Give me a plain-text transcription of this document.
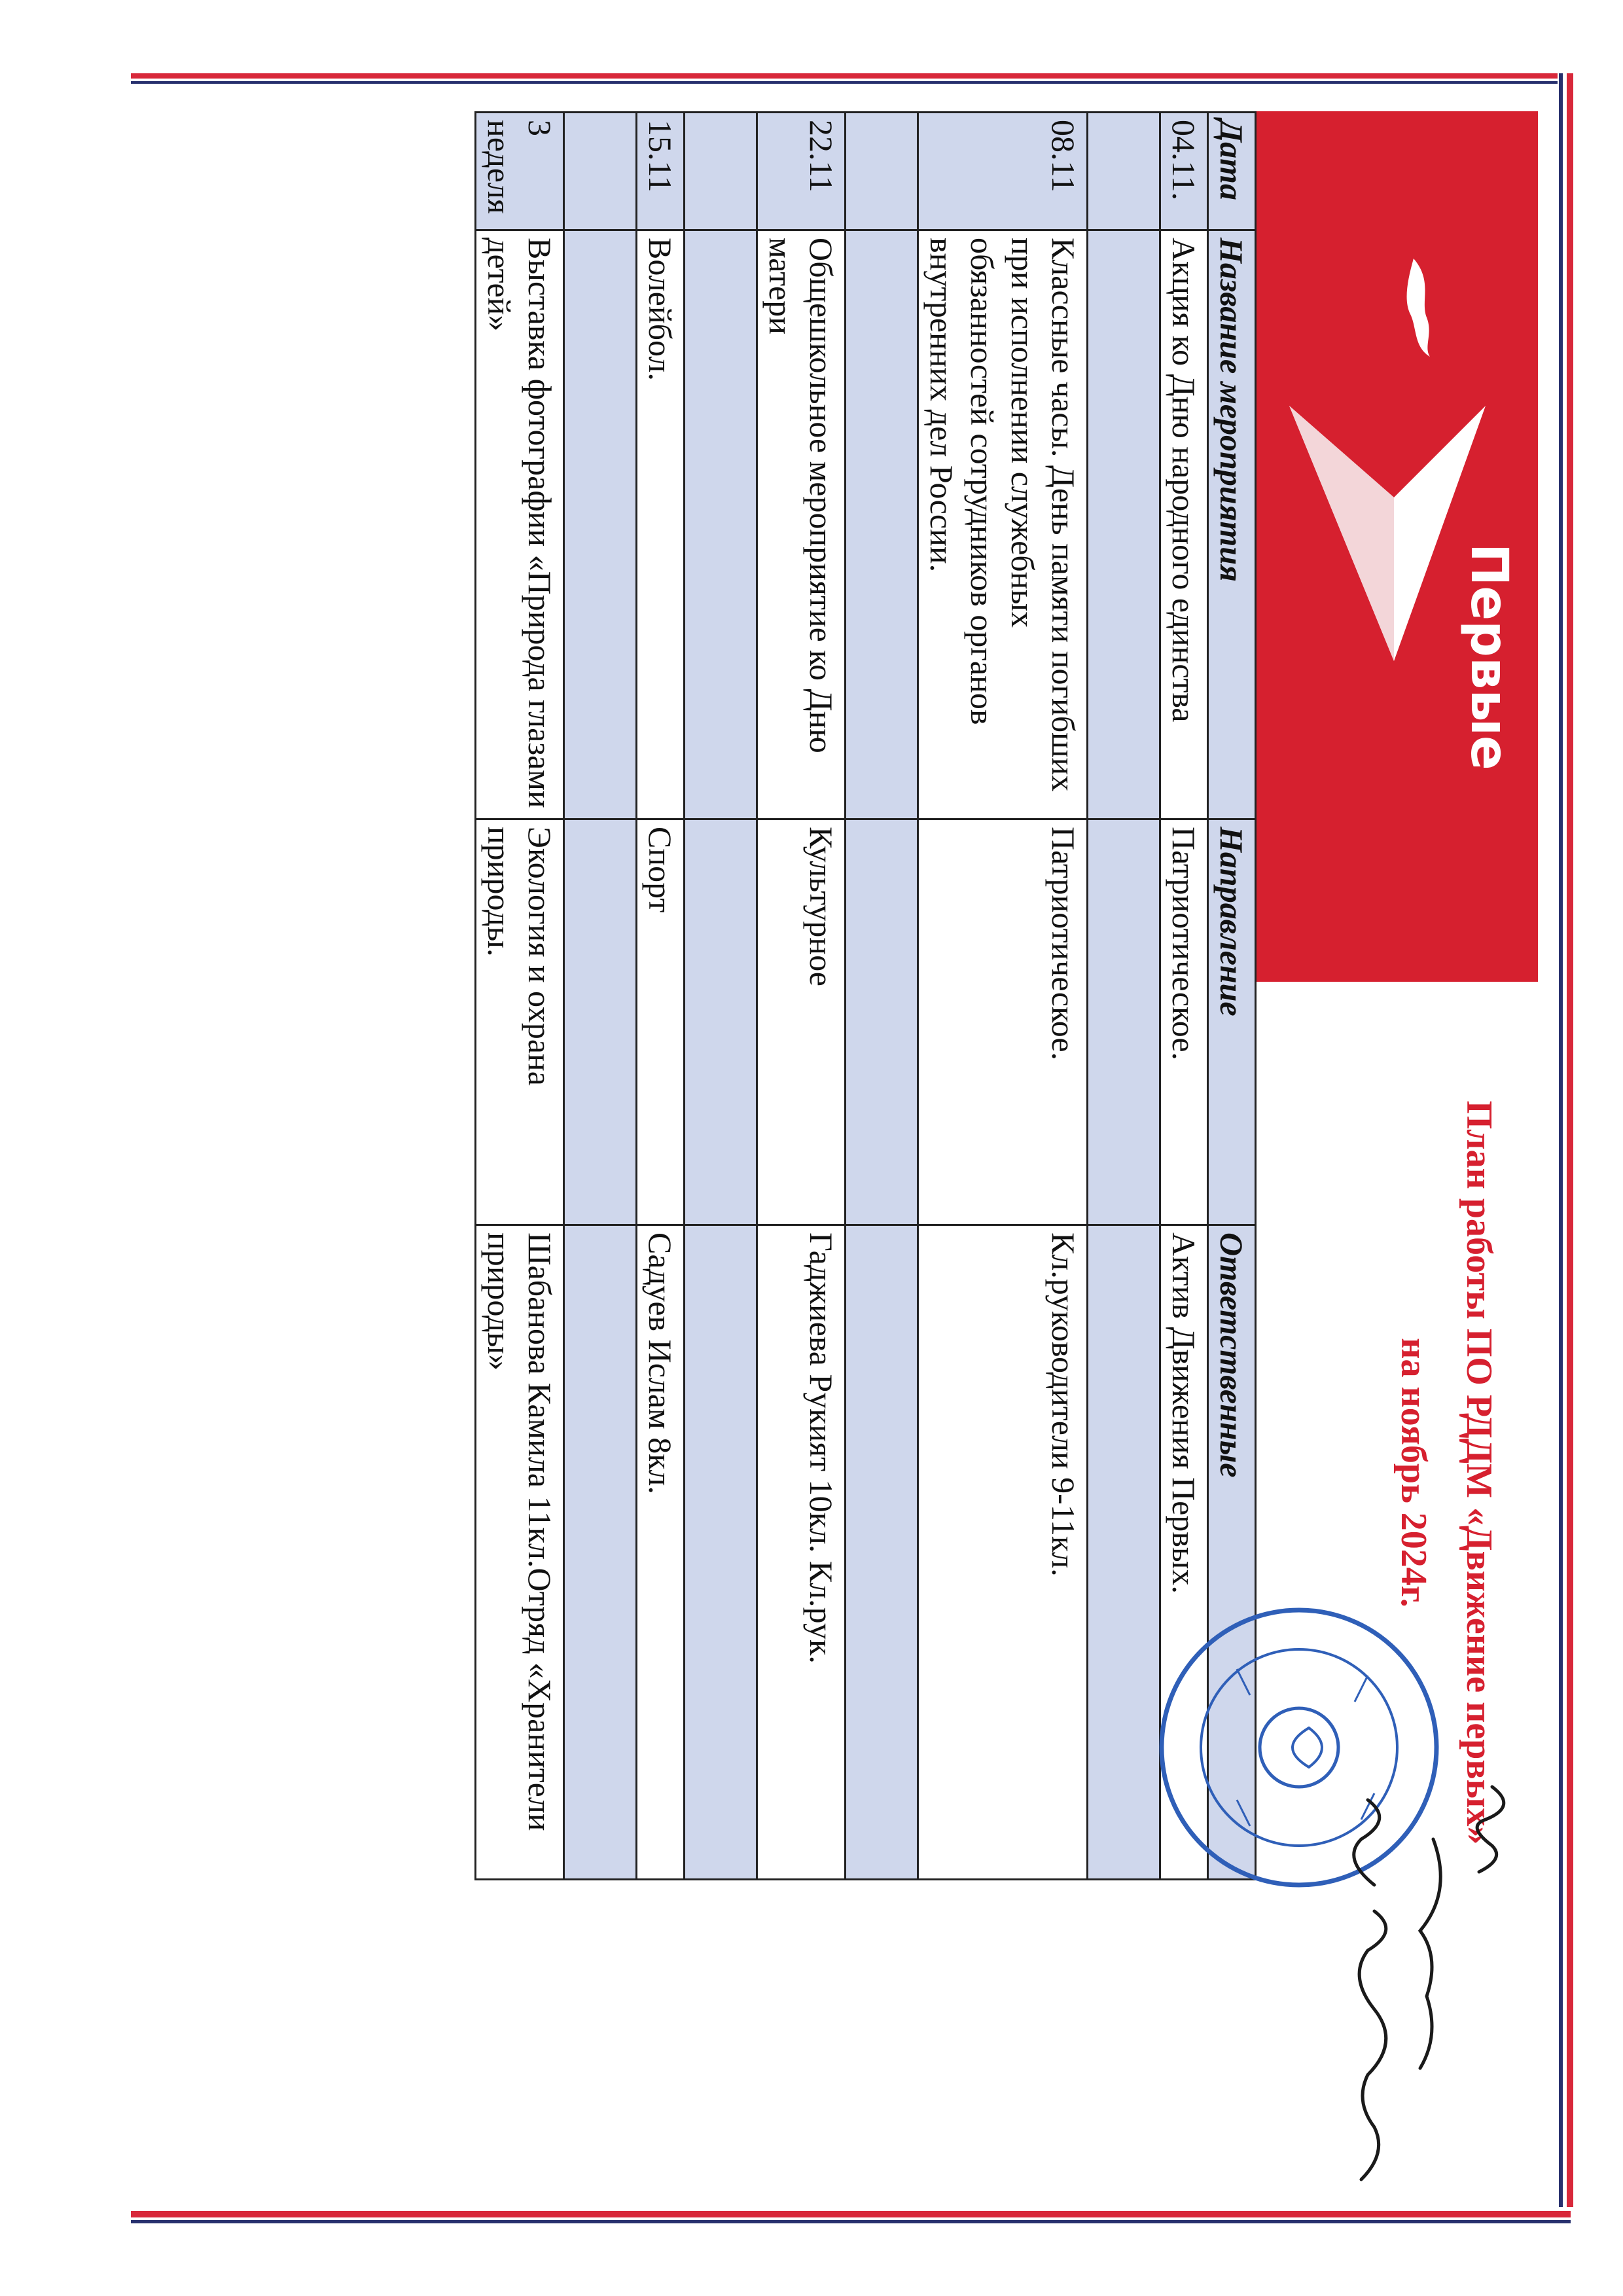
Первые
План работы ПО РДДМ «Движение первых»
на ноябрь 2024г.
Дата	Название мероприятия	Направление	Ответственные
04.11.	Акция ко Дню народного единства	Патриотическое.	Актив Движения Первых.

08.11	Классные часы. День памяти погибших при исполнении служебных обязанностей сотрудников органов внутренних дел России.	Патриотическое.	Кл.руководители 9-11кл.

22.11	Общешкольное мероприятие ко Дню матери	Культурное	Гаджиева Рукият 10кл. Кл.рук.

15.11	Волейбол.	Спорт	Садуев Ислам 8кл.

3 неделя	Выставка фотографии «Природа глазами детей»	Экология и охрана природы.	Шабанова Камила 11кл.Отряд «Хранители природы»
